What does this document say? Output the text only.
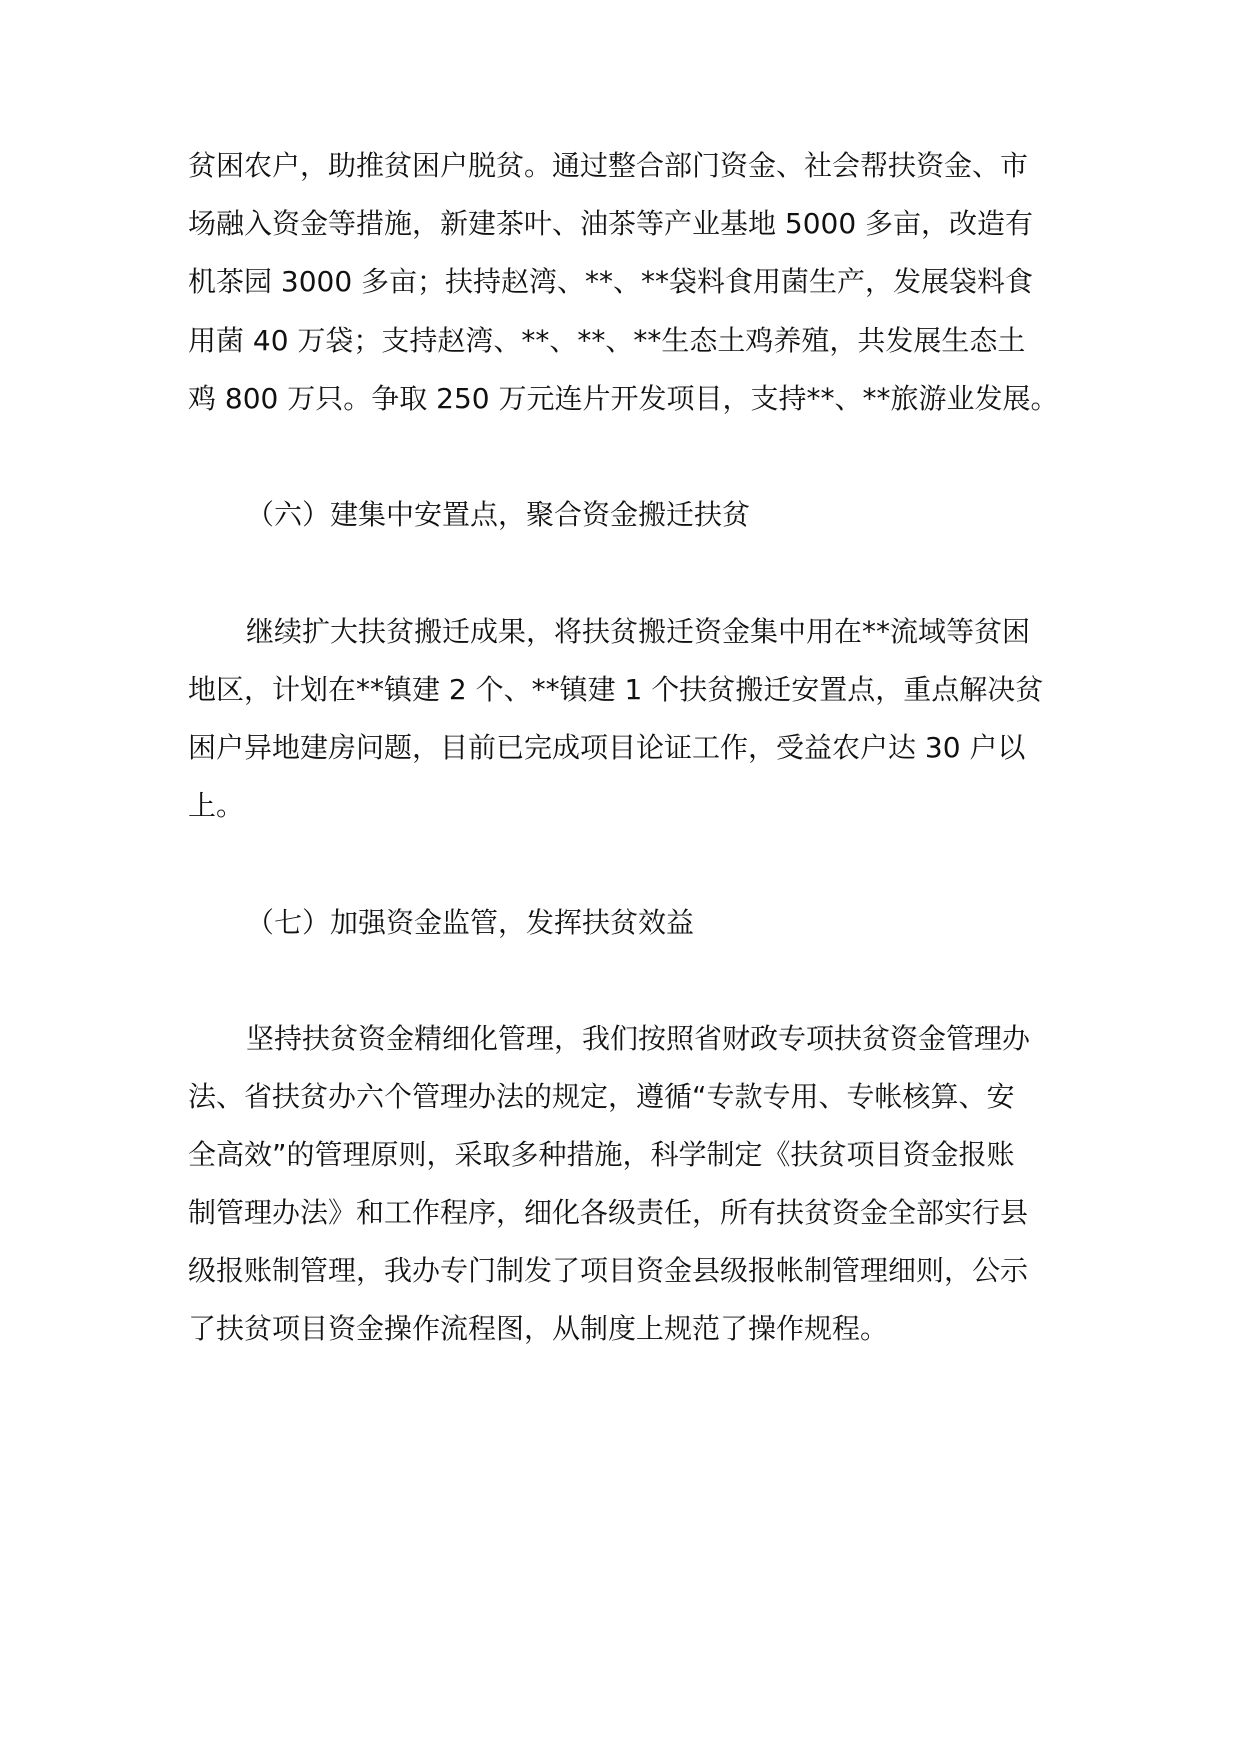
贫困农户，助推贫困户脱贫。通过整合部门资金、社会帮扶资金、市
场融入资金等措施，新建茶叶、油茶等产业基地 5000 多亩，改造有
机茶园 3000 多亩；扶持赵湾、**、**袋料食用菌生产，发展袋料食
用菌 40 万袋；支持赵湾、**、**、**生态土鸡养殖，共发展生态土
鸡 800 万只。争取 250 万元连片开发项目，支持**、**旅游业发展。
（六）建集中安置点，聚合资金搬迁扶贫
继续扩大扶贫搬迁成果，将扶贫搬迁资金集中用在**流域等贫困
地区，计划在**镇建 2 个、**镇建 1 个扶贫搬迁安置点，重点解决贫
困户异地建房问题，目前已完成项目论证工作，受益农户达 30 户以
上。
（七）加强资金监管，发挥扶贫效益
坚持扶贫资金精细化管理，我们按照省财政专项扶贫资金管理办
法、省扶贫办六个管理办法的规定，遵循“专款专用、专帐核算、安
全高效”的管理原则，采取多种措施，科学制定《扶贫项目资金报账
制管理办法》和工作程序，细化各级责任，所有扶贫资金全部实行县
级报账制管理，我办专门制发了项目资金县级报帐制管理细则，公示
了扶贫项目资金操作流程图，从制度上规范了操作规程。
